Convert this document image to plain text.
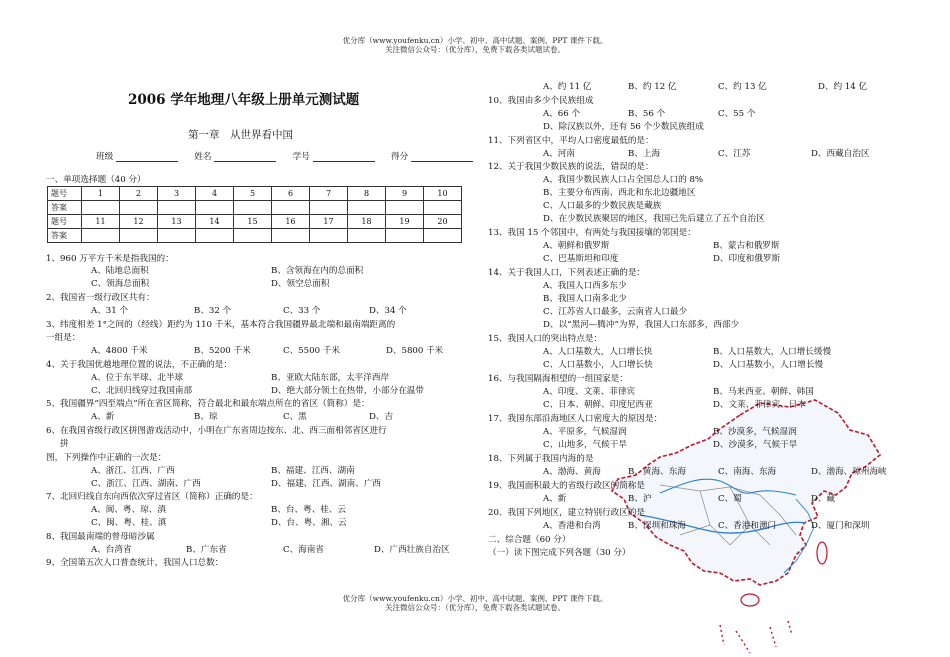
优分库（www.youfenku.cn）小学、初中、高中试题、案例、PPT 课件下载。
关注微信公众号：（优分库），免费下载各类试题试卷。
2006 学年地理八年级上册单元测试题
第一章　从世界看中国
班级	姓名	学号	得分
一、单项选择题（40 分）
题号	1	2	3	4	5	6	7	8	9	10
答案										
题号	11	12	13	14	15	16	17	18	19	20
答案										
1、960 万平方千米是指我国的：
A、陆地总面积	B、含领海在内的总面积
C、领海总面积	D、领空总面积
2、我国省一级行政区共有：
A、31 个	B、32 个	C、33 个	D、34 个
3、纬度相差 1°之间的（经线）距约为 110 千米，基本符合我国疆界最北端和最南端距离的
一组是：
A、4800 千米	B、5200 千米	C、5500 千米	D、5800 千米
4、关于我国优越地理位置的说法，不正确的是：
A、位于东半球、北半球	B、亚欧大陆东部，太平洋西岸
C、北回归线穿过我国南部	D、绝大部分领土在热带，小部分在温带
5、我国疆界“四至端点”所在省区简称，符合最北和最东端点所在的省区（简称）是：
A、新	B、琼	C、黑	D、吉
6、在我国省级行政区拼图游戏活动中，小明在广东省周边按东、北、西三面相邻省区进行
拼
图，下列操作中正确的一次是：
A、浙江、江西、广西	B、福建、江西、湖南
C、浙江、江西、湖南、广西	D、福建、江西、湖南、广西
7、北回归线自东向西依次穿过省区（简称）正确的是：
A、闽、粤、琼、滇	B、台、粤、桂、云
C、闽、粤、桂、滇	D、台、粤、湘、云
8、我国最南端的曾母暗沙属
A、台湾省	B、广东省	C、海南省	D、广西壮族自治区
9、全国第五次人口普查统计，我国人口总数：
A、约 11 亿	B、约 12 亿	C、约 13 亿	D、约 14 亿
10、我国由多少个民族组成
A、66 个	B、56 个	C、55 个
D、除汉族以外，还有 56 个少数民族组成
11、下列省区中，平均人口密度最低的是：
A、河南	B、上海	C、江苏	D、西藏自治区
12、关于我国少数民族的说法，错误的是：
A、我国少数民族人口占全国总人口的 8%
B、主要分布西南、西北和东北边疆地区
C、人口最多的少数民族是藏族
D、在少数民族聚居的地区，我国已先后建立了五个自治区
13、我国 15 个邻国中，有两处与我国接壤的邻国是：
A、朝鲜和俄罗斯	B、蒙古和俄罗斯
C、巴基斯坦和印度	D、印度和俄罗斯
14、关于我国人口，下列表述正确的是：
A、我国人口西多东少
B、我国人口南多北少
C、江苏省人口最多，云南省人口最少
D、以“黑河—腾冲”为界，我国人口东部多，西部少
15、我国人口的突出特点是：
A、人口基数大，人口增长快	B、人口基数大，人口增长缓慢
C、人口基数小，人口增长快	D、人口基数小，人口增长慢
16、与我国隔海相望的一组国家是：
A、印度、文莱、菲律宾	B、马来西亚、朝鲜、韩国
C、日本、朝鲜、印度尼西亚	D、文莱、菲律宾、日本
17、我国东部沿海地区人口密度大的原因是：
A、平原多，气候湿润	B、沙漠多，气候湿润
C、山地多，气候干旱	D、沙漠多，气候干旱
18、下列属于我国内海的是
A、渤海、黄海	B、黄海、东海	C、南海、东海	D、渤海、琼州海峡
19、我国面积最大的省级行政区的简称是
A、新	B、沪	C、蜀	D、藏
20、我国下列地区，建立特别行政区的是
A、香港和台湾	B、深圳和珠海	C、香港和澳门	D、厦门和深圳
二、综合题（60 分）
（一）读下图完成下列各题（30 分）
优分库（www.youfenku.cn）小学、初中、高中试题、案例、PPT 课件下载。
关注微信公众号：（优分库），免费下载各类试题试卷。
